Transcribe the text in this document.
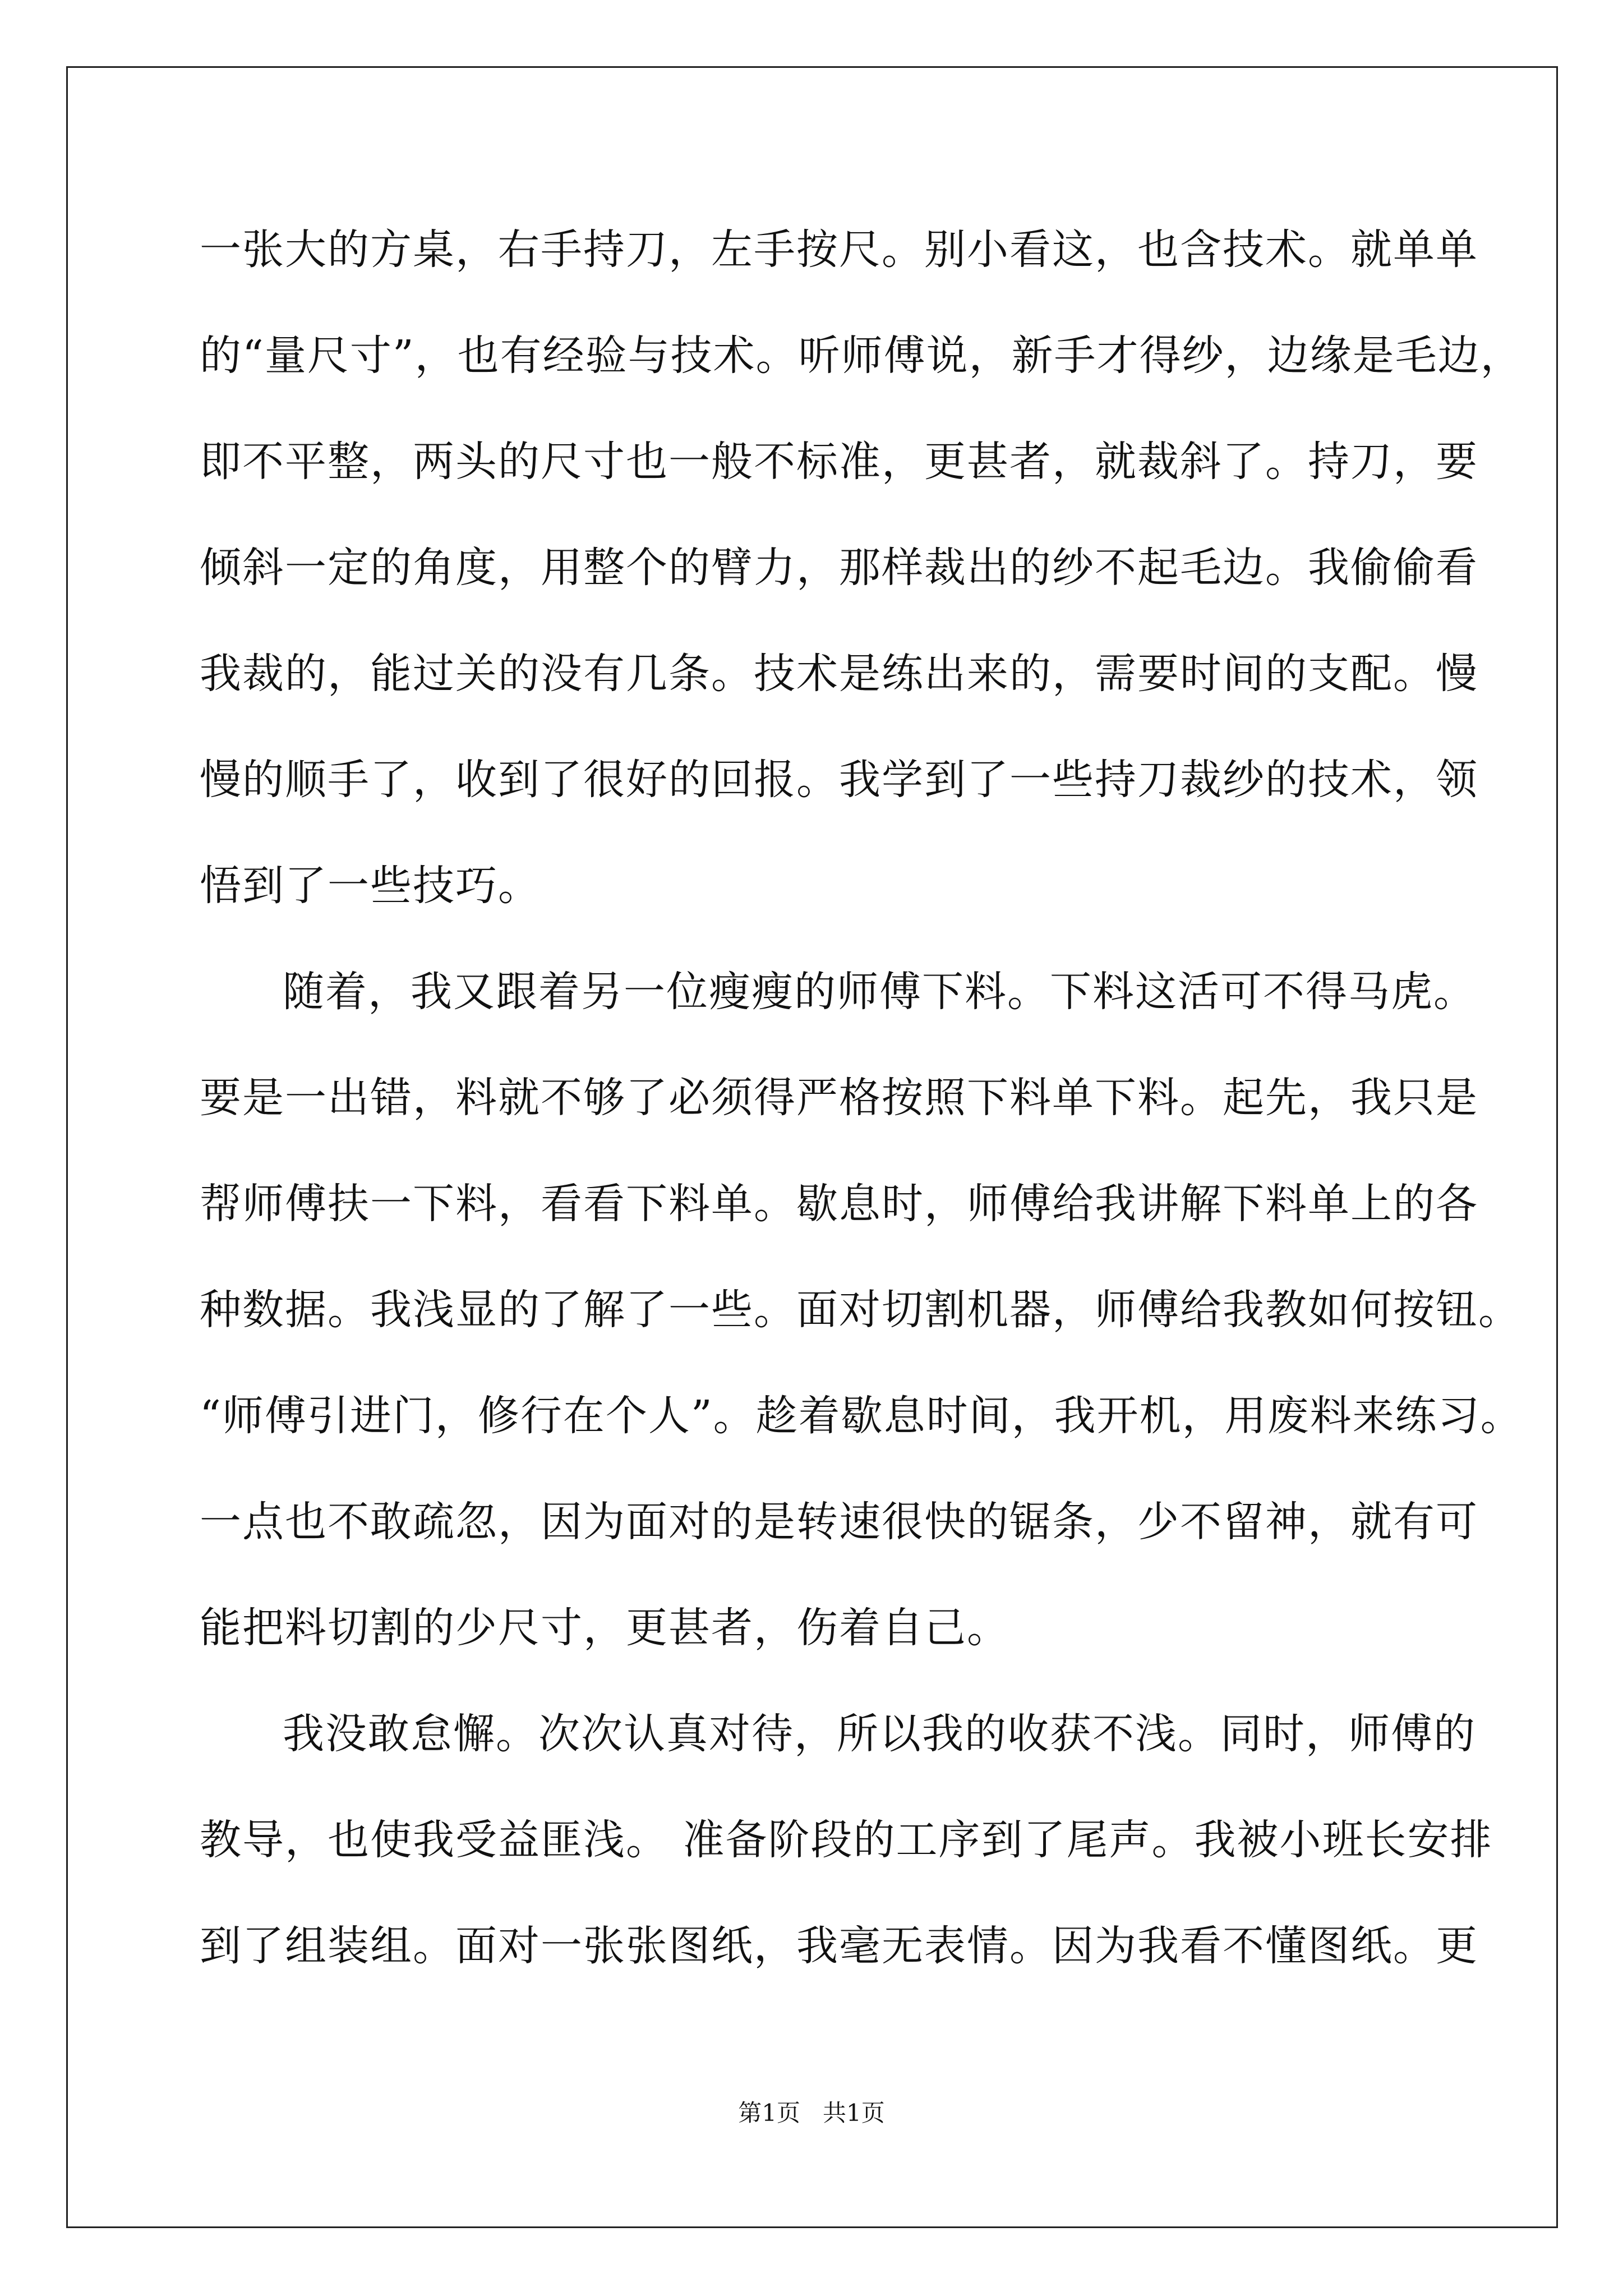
一张大的方桌，右手持刀，左手按尺。别小看这，也含技术。就单单
的“量尺寸”，也有经验与技术。听师傅说，新手才得纱，边缘是毛边，
即不平整，两头的尺寸也一般不标准，更甚者，就裁斜了。持刀，要
倾斜一定的角度，用整个的臂力，那样裁出的纱不起毛边。我偷偷看
我裁的，能过关的没有几条。技术是练出来的，需要时间的支配。慢
慢的顺手了，收到了很好的回报。我学到了一些持刀裁纱的技术，领
悟到了一些技巧。
随着，我又跟着另一位瘦瘦的师傅下料。下料这活可不得马虎。
要是一出错，料就不够了必须得严格按照下料单下料。起先，我只是
帮师傅扶一下料，看看下料单。歇息时，师傅给我讲解下料单上的各
种数据。我浅显的了解了一些。面对切割机器，师傅给我教如何按钮。
“师傅引进门，修行在个人”。趁着歇息时间，我开机，用废料来练习。
一点也不敢疏忽，因为面对的是转速很快的锯条，少不留神，就有可
能把料切割的少尺寸，更甚者，伤着自己。
我没敢怠懈。次次认真对待，所以我的收获不浅。同时，师傅的
教导，也使我受益匪浅。 准备阶段的工序到了尾声。我被小班长安排
到了组装组。面对一张张图纸，我毫无表情。因为我看不懂图纸。更
第1页   共1页
